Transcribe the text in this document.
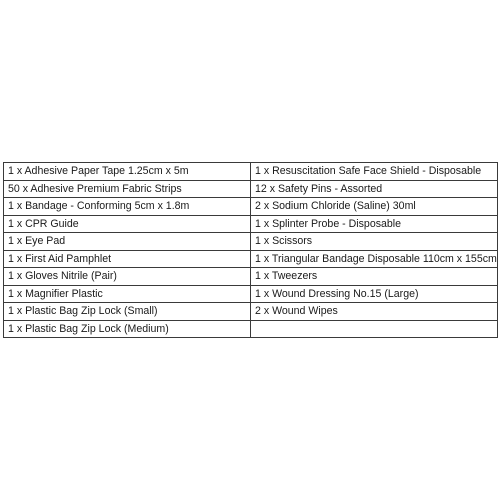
1 x Adhesive Paper Tape 1.25cm x 5m	1 x Resuscitation Safe Face Shield - Disposable
50 x Adhesive Premium Fabric Strips	12 x Safety Pins - Assorted
1 x Bandage - Conforming 5cm x 1.8m	2 x Sodium Chloride (Saline) 30ml
1 x CPR Guide	1 x Splinter Probe - Disposable
1 x Eye Pad	1 x Scissors
1 x First Aid Pamphlet	1 x Triangular Bandage Disposable 110cm x 155cm
1 x Gloves Nitrile (Pair)	1 x Tweezers
1 x Magnifier Plastic	1 x Wound Dressing No.15 (Large)
1 x Plastic Bag Zip Lock (Small)	2 x Wound Wipes
1 x Plastic Bag Zip Lock (Medium)	
